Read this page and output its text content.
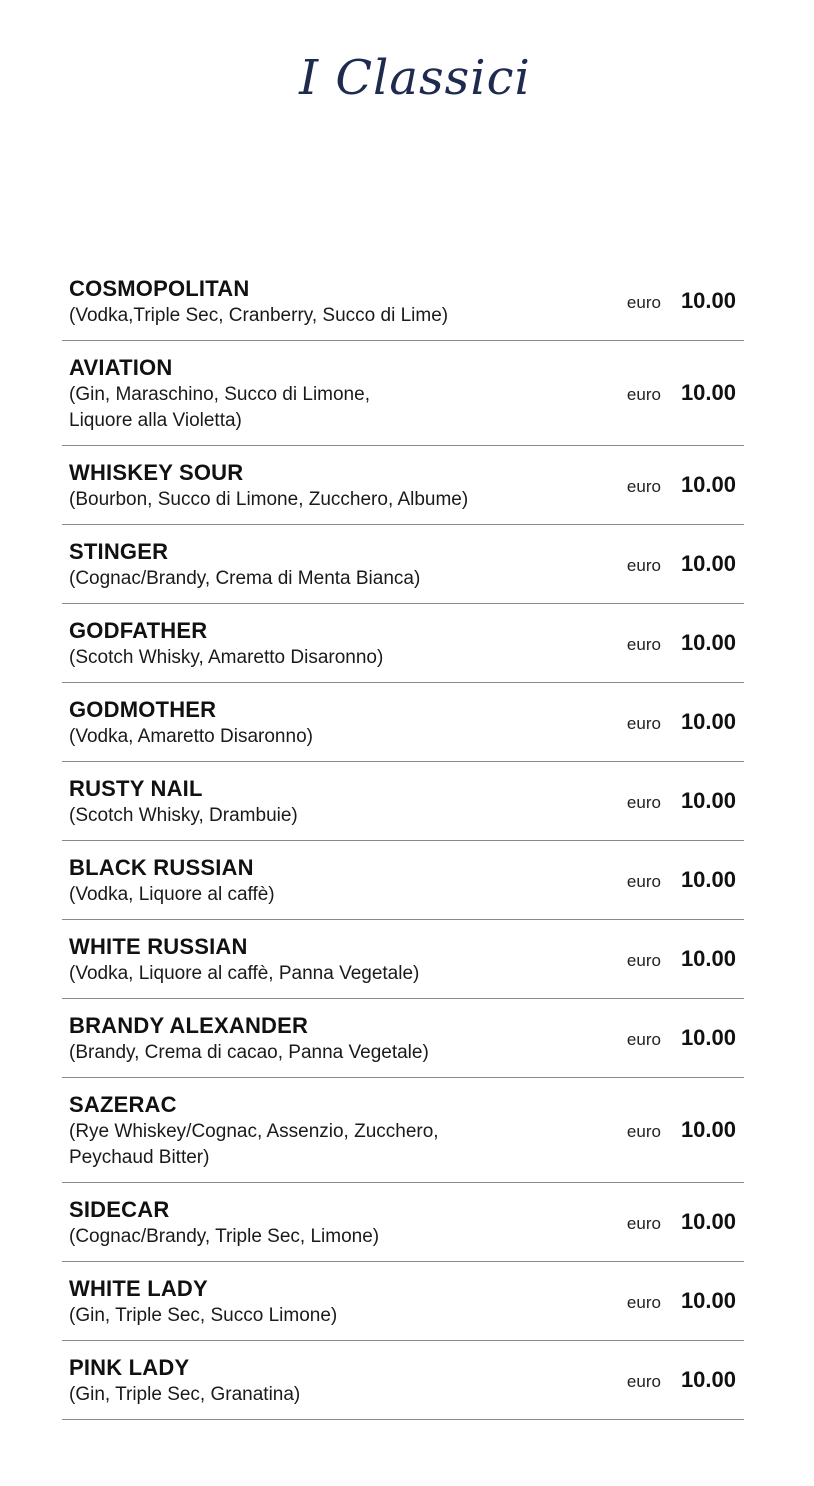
I Classici
COSMOPOLITAN
(Vodka,Triple Sec, Cranberry, Succo di Lime)
euro 10.00
AVIATION
(Gin, Maraschino, Succo di Limone,
Liquore alla Violetta)
euro 10.00
WHISKEY SOUR
(Bourbon, Succo di Limone, Zucchero, Albume)
euro 10.00
STINGER
(Cognac/Brandy, Crema di Menta Bianca)
euro 10.00
GODFATHER
(Scotch Whisky, Amaretto Disaronno)
euro 10.00
GODMOTHER
(Vodka, Amaretto Disaronno)
euro 10.00
RUSTY NAIL
(Scotch Whisky, Drambuie)
euro 10.00
BLACK RUSSIAN
(Vodka, Liquore al caffè)
euro 10.00
WHITE RUSSIAN
(Vodka, Liquore al caffè, Panna Vegetale)
euro 10.00
BRANDY ALEXANDER
(Brandy, Crema di cacao, Panna Vegetale)
euro 10.00
SAZERAC
(Rye Whiskey/Cognac, Assenzio, Zucchero,
Peychaud Bitter)
euro 10.00
SIDECAR
(Cognac/Brandy, Triple Sec, Limone)
euro 10.00
WHITE LADY
(Gin, Triple Sec, Succo Limone)
euro 10.00
PINK LADY
(Gin, Triple Sec, Granatina)
euro 10.00
